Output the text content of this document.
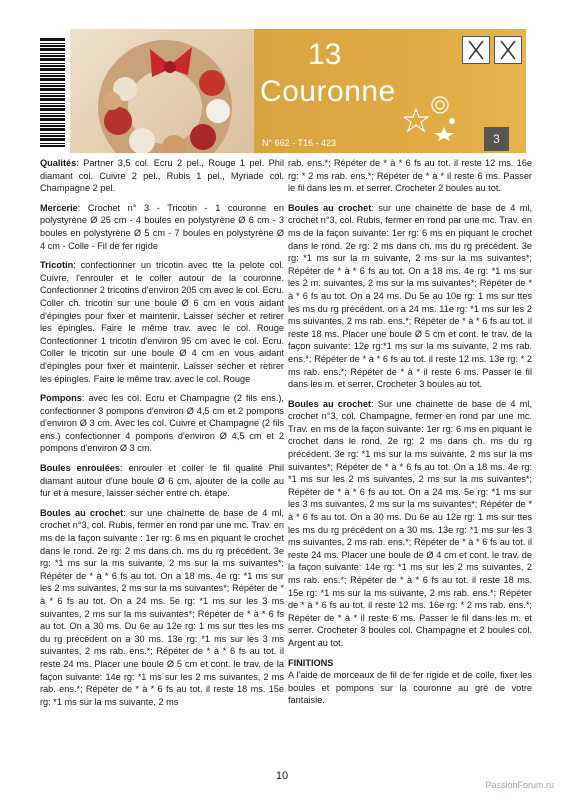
13
Couronne
N° 662 - T16 - 423	3

Qualités: Partner 3,5 col. Ecru 2 pel., Rouge 1 pel. Phil diamant col. Cuivre 2 pel., Rubis 1 pel., Myriade col. Champagne 2 pel.

Mercerie: Crochet n° 3 - Tricotin - 1 couronne en polystyrène Ø 25 cm - 4 boules en polystyrène Ø 6 cm - 3 boules en polystyrène Ø 5 cm - 7 boules en polystyrène Ø 4 cm - Colle - Fil de fer rigide

Tricotin: confectionner un tricotin avec tte la pelote col. Cuivre, l'enrouler et le coller autour de la couronne. Confectionner 2 tricotins d'environ 205 cm avec le col. Ecru. Coller ch. tricotin sur une boule Ø 6 cm en vous aidant d'épingles pour fixer et maintenir. Laisser sécher et retirer les épingles. Faire le même trav. avec le col. Rouge Confectionner 1 tricotin d'environ 95 cm avec le col. Ecru. Coller le tricotin sur une boule Ø 4 cm en vous aidant d'épingles pour fixer et maintenir. Laisser sécher et retirer les épingles. Faire le même trav. avec le col. Rouge

Pompons: avec les col. Ecru et Champagne (2 fils ens.), confectionner 3 pompons d'environ Ø 4,5 cm et 2 pompons d'environ Ø 3 cm. Avec les col. Cuivre et Champagne (2 fils ens.) confectionner 4 pompons d'environ Ø 4,5 cm et 2 pompons d'environ Ø 3 cm.

Boules enroulées: enrouler et coller le fil qualité Phil diamant autour d'une boule Ø 6 cm, ajouter de la colle au fur et à mesure, laisser sécher entre ch. étape.

Boules au crochet: sur une chaînette de base de 4 ml, crochet n°3, col. Rubis, fermer en rond par une mc. Trav. en ms de la façon suivante : 1er rg: 6 ms en piquant le crochet dans le rond. 2e rg: 2 ms dans ch. ms du rg précédent. 3e rg: *1 ms sur la ms suivante, 2 ms sur la ms suivantes*; Répéter de * à * 6 fs au tot. On a 18 ms. 4e rg: *1 ms sur les 2 ms suivantes, 2 ms sur la ms suivantes*; Répéter de * à * 6 fs au tot. On a 24 ms. 5e rg: *1 ms sur les 3 ms suivantes, 2 ms sur la ms suivantes*; Répéter de * à * 6 fs au tot. On a 30 ms. Du 6e au 12e rg: 1 ms sur ttes les ms du rg précédent on a 30 ms. 13e rg: *1 ms sur les 3 ms suivantes, 2 ms rab. ens.*; Répéter de * à * 6 fs au tot. il reste 24 ms. Placer une boule Ø 5 cm et cont. le trav. de la façon suivante: 14e rg: *1 ms sur les 2 ms suivantes, 2 ms rab. ens.*; Répéter de * à * 6 fs au tot. il reste 18 ms. 15e rg: *1 ms sur la ms suivante, 2 ms

rab. ens.*; Répéter de * à * 6 fs au tot. il reste 12 ms. 16e rg: * 2 ms rab. ens.*; Répéter de * à * il reste 6 ms. Passer le fil dans les m. et serrer. Crocheter 2 boules au tot.

Boules au crochet: sur une chainette de base de 4 ml, crochet n°3, col. Rubis, fermer en rond par une mc. Trav. en ms de la façon suivante: 1er rg: 6 ms en piquant le crochet dans le rond. 2e rg: 2 ms dans ch. ms du rg précédent. 3e rg: *1 ms sur la m suivante, 2 ms sur la ms suivantes*; Répéter de * à * 6 fs au tot. On a 18 ms. 4e rg: *1 ms sur les 2 m. suivantes, 2 ms sur la ms suivantes*; Répéter de * à * 6 fs au tot. On a 24 ms. Du 5e au 10e rg: 1 ms sur ttes les ms du rg précédent. on a 24 ms. 11e rg: *1 ms sur les 2 ms suivantes, 2 ms rab. ens.*; Répéter de * à * 6 fs au tot. il reste 18 ms. Placer une boule Ø 5 cm et cont. le trav. de la façon suivante: 12e rg:*1 ms sur la ms suivante, 2 ms rab. ens.*; Répéter de * à * 6 fs au tot. il reste 12 ms. 13e rg: * 2 ms rab. ens.*; Répéter de * à * il reste 6 ms. Passer le fil dans les m. et serrer. Crocheter 3 boules au tot.

Boules au crochet: Sur une chainette de base de 4 ml, crochet n°3, col. Champagne, fermer en rond par une mc. Trav. en ms de la façon suivante: 1er rg: 6 ms en piquant le crochet dans le rond. 2e rg: 2 ms dans ch. ms du rg précédent. 3e rg: *1 ms sur la ms suivante, 2 ms sur la ms suivantes*; Répéter de * à * 6 fs au tot. On a 18 ms. 4e rg: *1 ms sur les 2 ms suivantes, 2 ms sur la ms suivantes*; Répéter de * à * 6 fs au tot. On a 24 ms. 5e rg: *1 ms sur les 3 ms suivantes, 2 ms sur la ms suivantes*; Répéter de * à * 6 fs au tot. On a 30 ms. Du 6e au 12e rg: 1 ms sur ttes les ms du rg précédent on a 30 ms. 13e rg: *1 ms sur les 3 ms suivantes, 2 ms rab. ens.*; Répéter de * à * 6 fs au tot. il reste 24 ms. Placer une boule de Ø 4 cm et cont. le trav. de la façon suivante: 14e rg: *1 ms sur les 2 ms suivantes, 2 ms rab. ens.*; Répéter de * à * 6 fs au tot. il reste 18 ms. 15e rg: *1 ms sur la ms suivante, 2 ms rab. ens.*; Répéter de * à * 6 fs au tot. il reste 12 ms. 16e rg: * 2 ms rab. ens.*; Répéter de * à * il reste 6 ms. Passer le fil dans les m. et serrer. Crocheter 3 boules col. Champagne et 2 boules col. Argent au tot.

FINITIONS
A l'aide de morceaux de fil de fer rigide et de colle, fixer les boules et pompons sur la couronne au gré de votre fantaisie.

10
PassionForum.ru
